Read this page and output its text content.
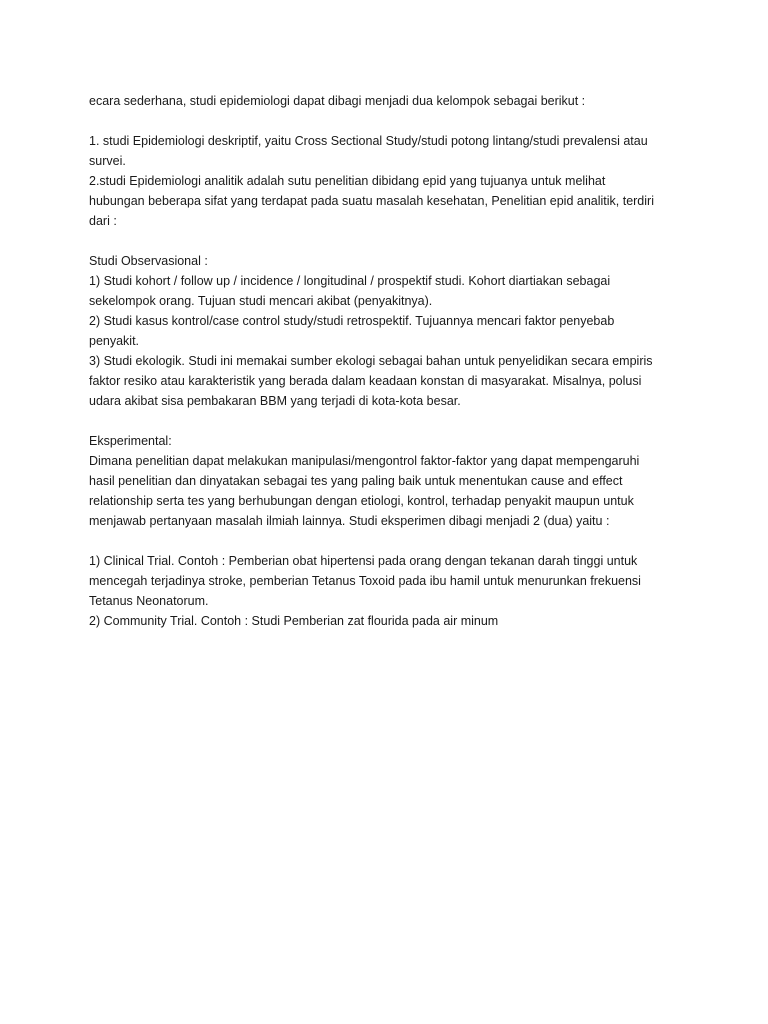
ecara sederhana, studi epidemiologi dapat dibagi menjadi dua kelompok sebagai berikut :
1. studi Epidemiologi deskriptif, yaitu Cross Sectional Study/studi potong lintang/studi prevalensi atau
survei.
2.studi Epidemiologi analitik adalah sutu penelitian dibidang epid yang tujuanya untuk melihat
hubungan beberapa sifat yang terdapat pada suatu masalah kesehatan, Penelitian epid analitik, terdiri
dari :
Studi Observasional :
1) Studi kohort / follow up / incidence / longitudinal / prospektif studi. Kohort diartiakan sebagai
sekelompok orang. Tujuan studi mencari akibat (penyakitnya).
2) Studi kasus kontrol/case control study/studi retrospektif. Tujuannya mencari faktor penyebab
penyakit.
3) Studi ekologik. Studi ini memakai sumber ekologi sebagai bahan untuk penyelidikan secara empiris
faktor resiko atau karakteristik yang berada dalam keadaan konstan di masyarakat. Misalnya, polusi
udara akibat sisa pembakaran BBM yang terjadi di kota-kota besar.
Eksperimental:
Dimana penelitian dapat melakukan manipulasi/mengontrol faktor-faktor yang dapat mempengaruhi
hasil penelitian dan dinyatakan sebagai tes yang paling baik untuk menentukan cause and effect
relationship serta tes yang berhubungan dengan etiologi, kontrol, terhadap penyakit maupun untuk
menjawab pertanyaan masalah ilmiah lainnya. Studi eksperimen dibagi menjadi 2 (dua) yaitu :
1) Clinical Trial. Contoh : Pemberian obat hipertensi pada orang dengan tekanan darah tinggi untuk
mencegah terjadinya stroke, pemberian Tetanus Toxoid pada ibu hamil untuk menurunkan frekuensi
Tetanus Neonatorum.
2) Community Trial. Contoh : Studi Pemberian zat flourida pada air minum
